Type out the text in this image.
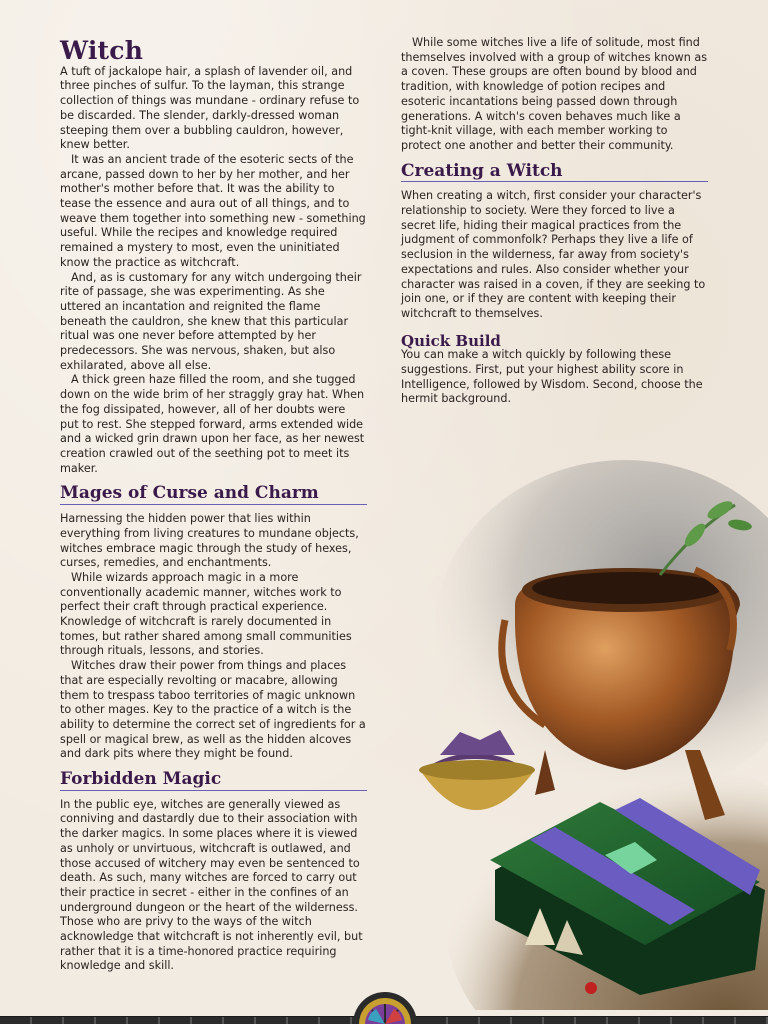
Witch

A tuft of jackalope hair, a splash of lavender oil, and three pinches of sulfur. To the layman, this strange collection of things was mundane - ordinary refuse to be discarded. The slender, darkly-dressed woman steeping them over a bubbling cauldron, however, knew better.

It was an ancient trade of the esoteric sects of the arcane, passed down to her by her mother, and her mother's mother before that. It was the ability to tease the essence and aura out of all things, and to weave them together into something new - something useful. While the recipes and knowledge required remained a mystery to most, even the uninitiated know the practice as witchcraft.

And, as is customary for any witch undergoing their rite of passage, she was experimenting. As she uttered an incantation and reignited the flame beneath the cauldron, she knew that this particular ritual was one never before attempted by her predecessors. She was nervous, shaken, but also exhilarated, above all else.

A thick green haze filled the room, and she tugged down on the wide brim of her straggly gray hat. When the fog dissipated, however, all of her doubts were put to rest. She stepped forward, arms extended wide and a wicked grin drawn upon her face, as her newest creation crawled out of the seething pot to meet its maker.

Mages of Curse and Charm

Harnessing the hidden power that lies within everything from living creatures to mundane objects, witches embrace magic through the study of hexes, curses, remedies, and enchantments.

While wizards approach magic in a more conventionally academic manner, witches work to perfect their craft through practical experience. Knowledge of witchcraft is rarely documented in tomes, but rather shared among small communities through rituals, lessons, and stories.

Witches draw their power from things and places that are especially revolting or macabre, allowing them to trespass taboo territories of magic unknown to other mages. Key to the practice of a witch is the ability to determine the correct set of ingredients for a spell or magical brew, as well as the hidden alcoves and dark pits where they might be found.

Forbidden Magic

In the public eye, witches are generally viewed as conniving and dastardly due to their association with the darker magics. In some places where it is viewed as unholy or unvirtuous, witchcraft is outlawed, and those accused of witchery may even be sentenced to death. As such, many witches are forced to carry out their practice in secret - either in the confines of an underground dungeon or the heart of the wilderness. Those who are privy to the ways of the witch acknowledge that witchcraft is not inherently evil, but rather that it is a time-honored practice requiring knowledge and skill.

While some witches live a life of solitude, most find themselves involved with a group of witches known as a coven. These groups are often bound by blood and tradition, with knowledge of potion recipes and esoteric incantations being passed down through generations. A witch's coven behaves much like a tight-knit village, with each member working to protect one another and better their community.

Creating a Witch

When creating a witch, first consider your character's relationship to society. Were they forced to live a secret life, hiding their magical practices from the judgment of commonfolk? Perhaps they live a life of seclusion in the wilderness, far away from society's expectations and rules. Also consider whether your character was raised in a coven, if they are seeking to join one, or if they are content with keeping their witchcraft to themselves.

Quick Build

You can make a witch quickly by following these suggestions. First, put your highest ability score in Intelligence, followed by Wisdom. Second, choose the hermit background.
